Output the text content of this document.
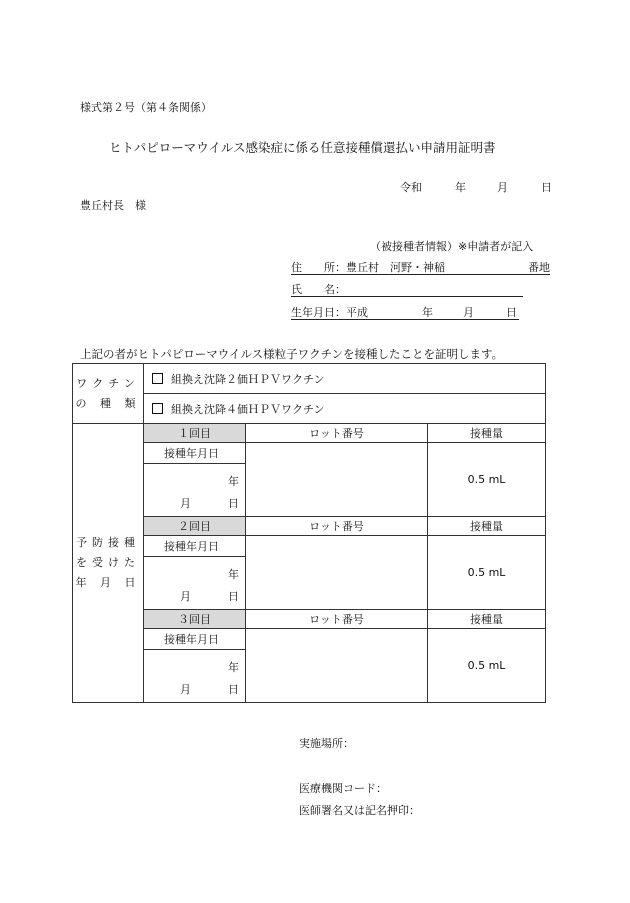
様式第２号（第４条関係）
ヒトパピローマウイルス感染症に係る任意接種償還払い申請用証明書
令和	年	月	日
豊丘村長　様
（被接種者情報）※申請者が記入
住　　所：豊丘村　河野・神稲	番地
氏　　名：
生年月日：平成	年	月	日
上記の者がヒトパピローマウイルス様粒子ワクチンを接種したことを証明します。
ワクチン
の 種 類	組換え沈降２価ＨＰＶワクチン		
	組換え沈降４価ＨＰＶワクチン		

予防接種
を受けた
年 月 日	１回目	ロット番号	接種量
	接種年月日		0.5 mL

	年
月 日		

	２回目	ロット番号	接種量
	接種年月日		0.5 mL

	年
月 日		

	３回目	ロット番号	接種量
	接種年月日		0.5 mL

	年
月 日		
実施場所：
医療機関コード：
医師署名又は記名押印：
